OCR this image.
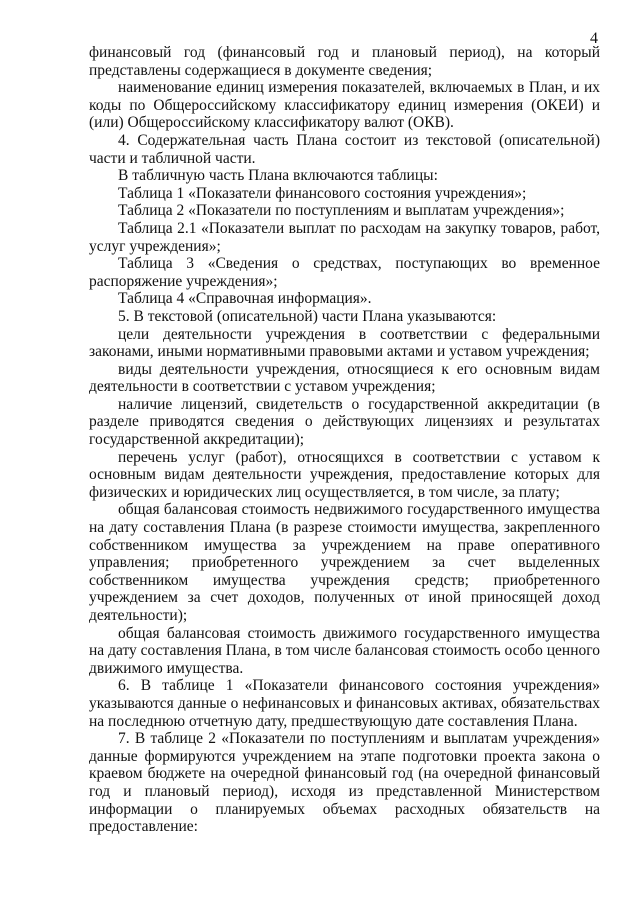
4

финансовый год (финансовый год и плановый период), на который представлены содержащиеся в документе сведения;

наименование единиц измерения показателей, включаемых в План, и их коды по Общероссийскому классификатору единиц измерения (ОКЕИ) и (или) Общероссийскому классификатору валют (ОКВ).

4. Содержательная часть Плана состоит из текстовой (описательной) части и табличной части.

В табличную часть Плана включаются таблицы:

Таблица 1 «Показатели финансового состояния учреждения»;

Таблица 2 «Показатели по поступлениям и выплатам учреждения»;

Таблица 2.1 «Показатели выплат по расходам на закупку товаров, работ, услуг учреждения»;

Таблица 3 «Сведения о средствах, поступающих во временное распоряжение учреждения»;

Таблица 4 «Справочная информация».

5. В текстовой (описательной) части Плана указываются:

цели деятельности учреждения в соответствии с федеральными законами, иными нормативными правовыми актами и уставом учреждения;

виды деятельности учреждения, относящиеся к его основным видам деятельности в соответствии с уставом учреждения;

наличие лицензий, свидетельств о государственной аккредитации (в разделе приводятся сведения о действующих лицензиях и результатах государственной аккредитации);

перечень услуг (работ), относящихся в соответствии с уставом к основным видам деятельности учреждения, предоставление которых для физических и юридических лиц осуществляется, в том числе, за плату;

общая балансовая стоимость недвижимого государственного имущества на дату составления Плана (в разрезе стоимости имущества, закрепленного собственником имущества за учреждением на праве оперативного управления; приобретенного учреждением за счет выделенных собственником имущества учреждения средств; приобретенного учреждением за счет доходов, полученных от иной приносящей доход деятельности);

общая балансовая стоимость движимого государственного имущества на дату составления Плана, в том числе балансовая стоимость особо ценного движимого имущества.

6. В таблице 1 «Показатели финансового состояния учреждения» указываются данные о нефинансовых и финансовых активах, обязательствах на последнюю отчетную дату, предшествующую дате составления Плана.

7. В таблице 2 «Показатели по поступлениям и выплатам учреждения» данные формируются учреждением на этапе подготовки проекта закона о краевом бюджете на очередной финансовый год (на очередной финансовый год и плановый период), исходя из представленной Министерством информации о планируемых объемах расходных обязательств на предоставление:
